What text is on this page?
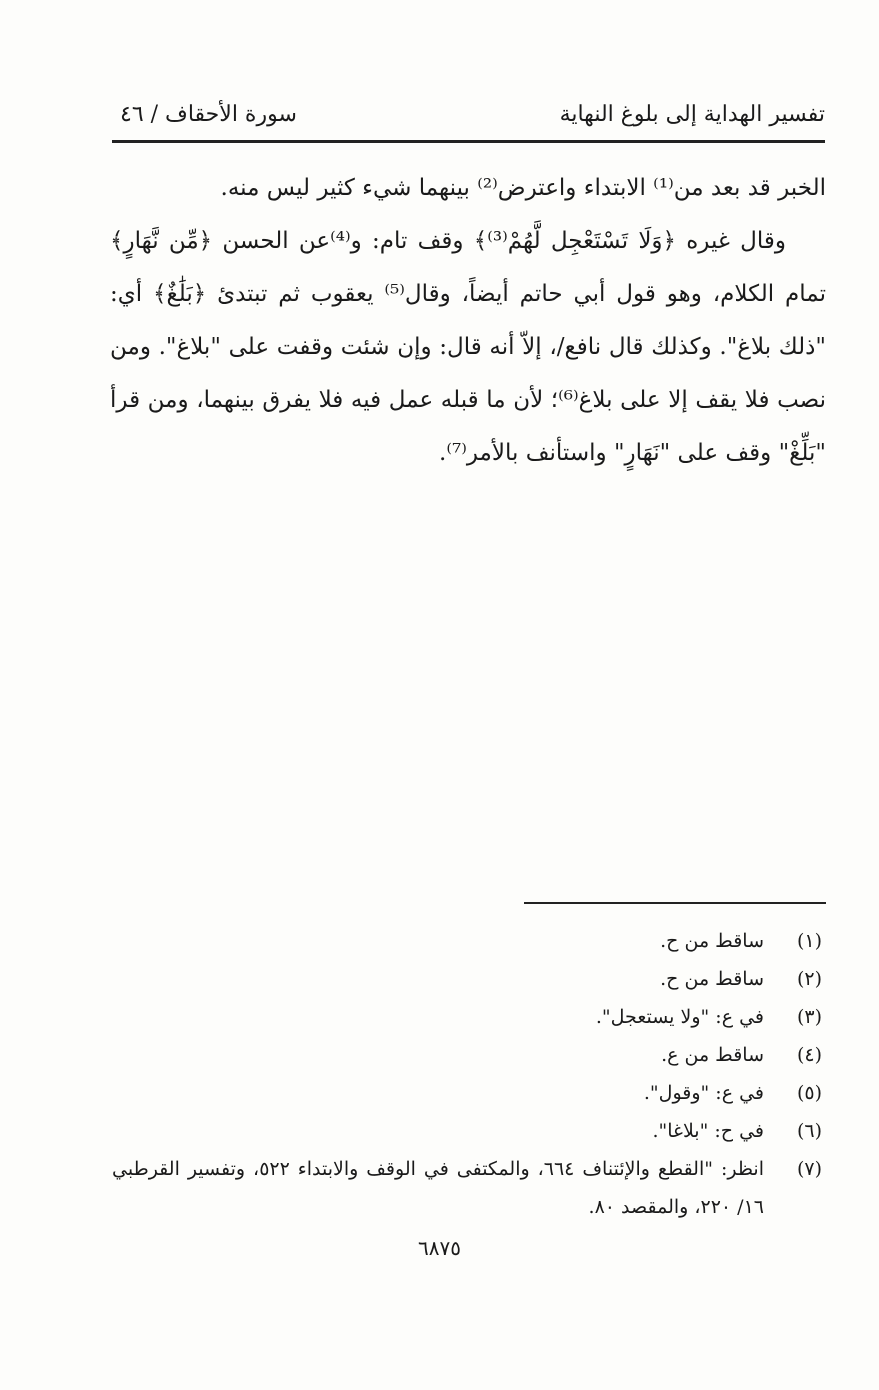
تفسير الهداية إلى بلوغ النهاية
سورة الأحقاف / ٤٦

الخبر قد بعد من⁽¹⁾ الابتداء واعترض⁽²⁾ بينهما شيء كثير ليس منه.

وقال غيره ﴿وَلَا تَسْتَعْجِل لَّهُمْ⁽³⁾﴾ وقف تام: و⁽⁴⁾عن الحسن ﴿مِّن نَّهَارٍ﴾ تمام الكلام، وهو قول أبي حاتم أيضاً، وقال⁽⁵⁾ يعقوب ثم تبتدئ ﴿بَلَٰغٌ﴾ أي: "ذلك بلاغ". وكذلك قال نافع/، إلاّ أنه قال: وإن شئت وقفت على "بلاغ". ومن نصب فلا يقف إلا على بلاغ⁽⁶⁾؛ لأن ما قبله عمل فيه فلا يفرق بينهما، ومن قرأ "بَلِّغْ" وقف على "نَهَارٍ" واستأنف بالأمر⁽⁷⁾.

(١)
ساقط من ح.
(٢)
ساقط من ح.
(٣)
في ع: "ولا يستعجل".
(٤)
ساقط من ع.
(٥)
في ع: "وقول".
(٦)
في ح: "بلاغا".
(٧)
انظر: "القطع والإئتناف ٦٦٤، والمكتفى في الوقف والابتداء ٥٢٢، وتفسير القرطبي ١٦/ ٢٢٠، والمقصد ٨٠.
٦٨٧٥
